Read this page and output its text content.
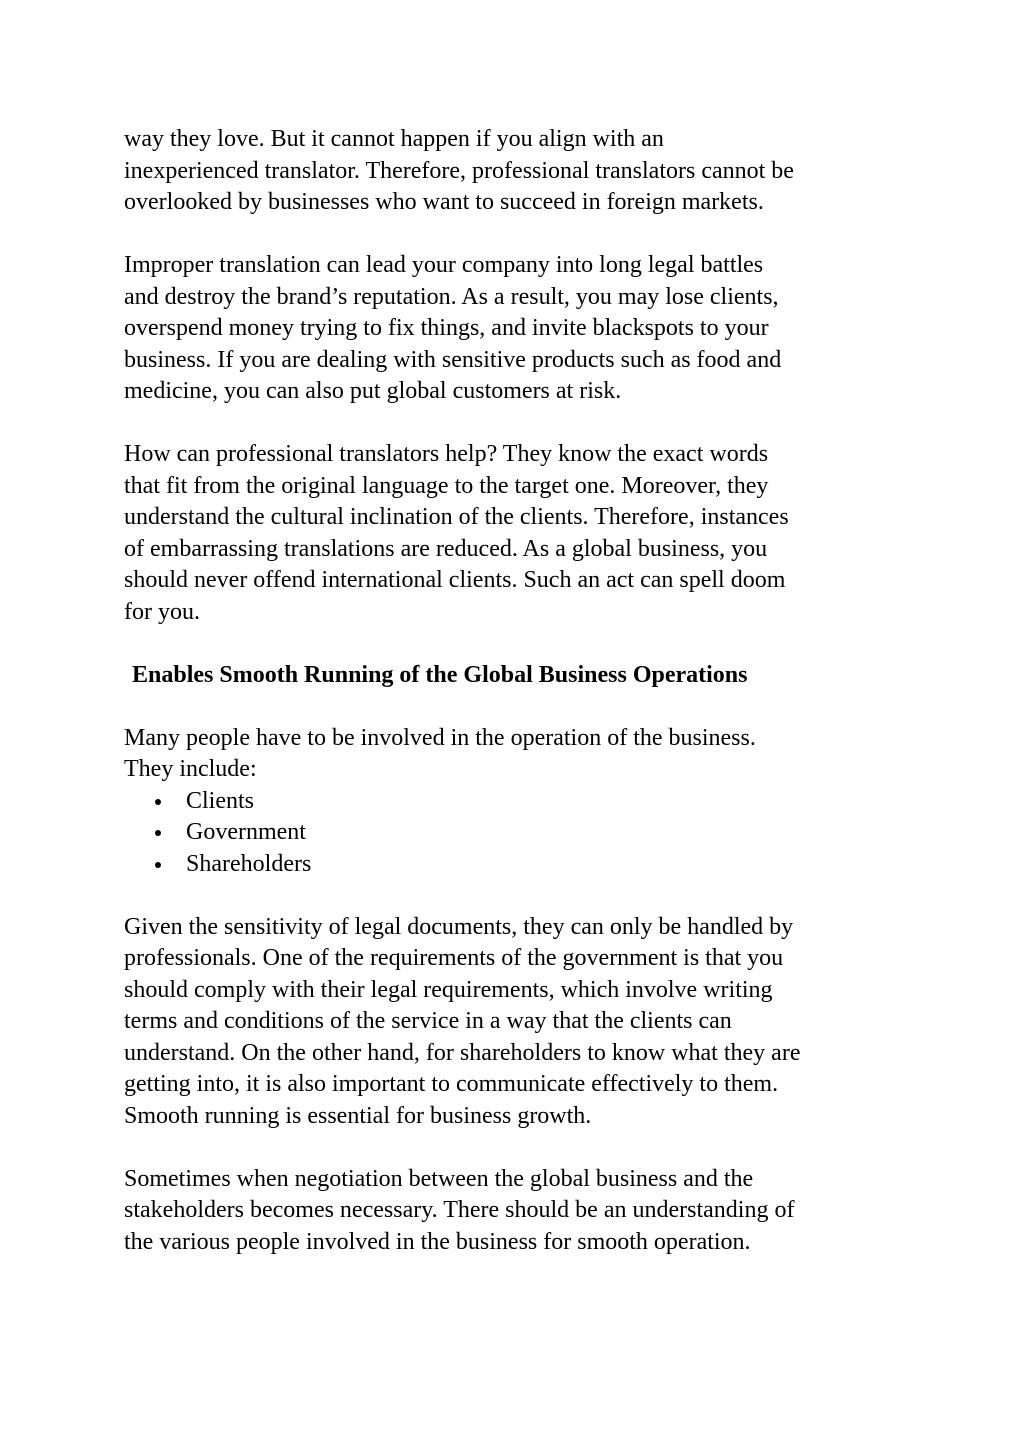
way they love. But it cannot happen if you align with an
inexperienced translator. Therefore, professional translators cannot be
overlooked by businesses who want to succeed in foreign markets.

Improper translation can lead your company into long legal battles
and destroy the brand’s reputation. As a result, you may lose clients,
overspend money trying to fix things, and invite blackspots to your
business. If you are dealing with sensitive products such as food and
medicine, you can also put global customers at risk.

How can professional translators help? They know the exact words
that fit from the original language to the target one. Moreover, they
understand the cultural inclination of the clients. Therefore, instances
of embarrassing translations are reduced. As a global business, you
should never offend international clients. Such an act can spell doom
for you.

Enables Smooth Running of the Global Business Operations

Many people have to be involved in the operation of the business.
They include:

Clients
Government
Shareholders

Given the sensitivity of legal documents, they can only be handled by
professionals. One of the requirements of the government is that you
should comply with their legal requirements, which involve writing
terms and conditions of the service in a way that the clients can
understand. On the other hand, for shareholders to know what they are
getting into, it is also important to communicate effectively to them.
Smooth running is essential for business growth.

Sometimes when negotiation between the global business and the
stakeholders becomes necessary. There should be an understanding of
the various people involved in the business for smooth operation.
